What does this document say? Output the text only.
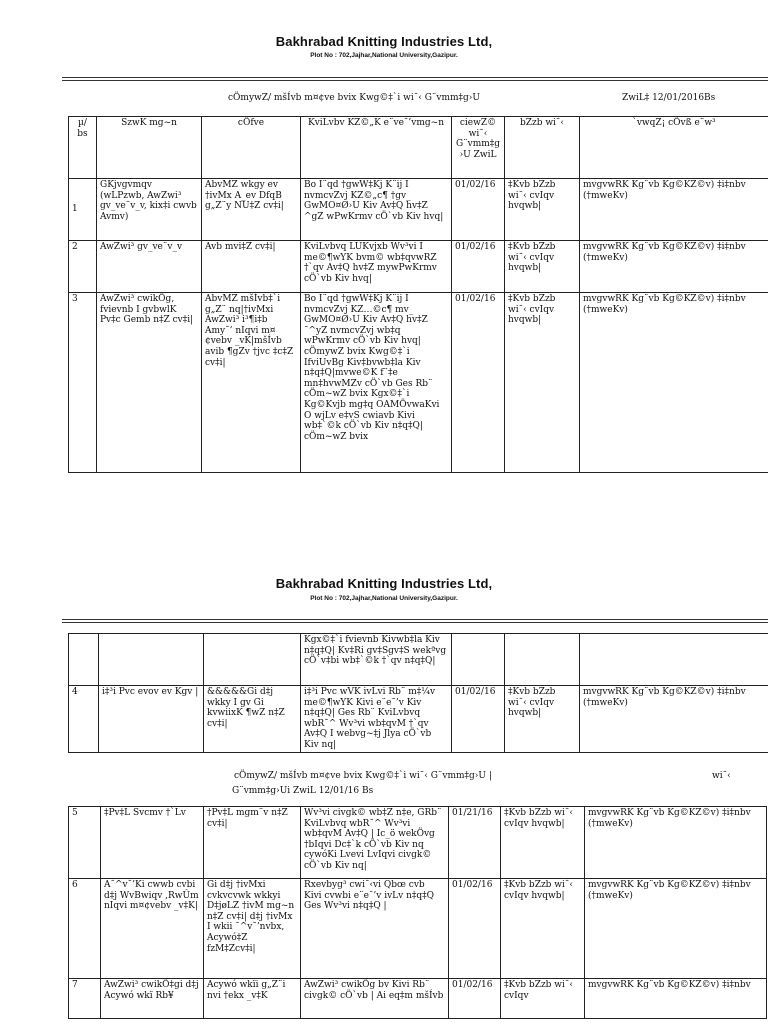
Bakhrabad Knitting Industries Ltd,
Plot No : 702,Jajhar,National University,Gazipur.
cÖmywZ/ mšÍvb m¤¢ve bvix Kwg©‡`i wi¯‹ G¨vmm‡g›U	ZwiL‡ 12/01/2016Bs
µ/ bs	SzwK mg~n	cÖfve	KviLvbv KZ©„K e¨ve¯’vmg~n	ciewZ© wi¯‹ G¨vmm‡g›U ZwiL	bZzb wi¯‹	`vwqZ¡ cÖvß e¨w³
1	GKjvgvmqv (wLPzwb, AwZwi³ gv_ve¨v_v, kix‡i cwvb Avmv)	AbvMZ wkgy ev †ivMx A_ev DfqB g„Z¨y NU‡Z cv‡i|	Bo I¨qd †gwW‡Kj K¨ij I nvmcvZvj KZ©„c¶ †gv_ GwMO¤Ø›U Kiv Av‡Q hv‡Z ^gZ wPwKrmv cÖ`vb Kiv hvq|	01/02/16	‡Kvb bZzb wi¯‹ cvIqv hvqwb|	mvgvwRK Kg¨vb Kg©KZ©v) ‡i‡nbv (†mweKv)
2	AwZwi³ gv_ve¨v_v	Avb mvi‡Z cv‡i|	KviLvbvq LUKvjxb Wv³vi I me©¶wYK bvm© wb‡qvwRZ †`qv Av‡Q hv‡Z mywPwKrmv cÖ`vb Kiv hvq|	01/02/16	‡Kvb bZzb wi¯‹ cvIqv hvqwb|	mvgvwRK Kg¨vb Kg©KZ©v) ‡i‡nbv (†mweKv)
3	AwZwi³ cwikÖg, fvievnb I gvbwlK Pv‡c Gemb n‡Z cv‡i|	AbvMZ mšÍvb‡`i g„Z¨ nq|†ivMxi AwZwi³ i³¶i‡b Amy¯’ nIqvi m¤¢vebv _vK|mšÍvb avib ¶gZv †jvc ‡c‡Z cv‡i|	Bo I¨qd †gwW‡Kj K¨ij I nvmcvZvj KZ…©c¶ mv_ GwMO¤Ø›U Kiv Av‡Q hv‡Z ¯^yZ nvmcvZvj wb‡q wPwKrmv cÖ`vb Kiv hvq| cÖmywZ bvix Kwg©‡`i IfviUvBg Kiv‡bvwb‡la Kiv n‡q‡Q|mvwe©K f¨‡e mn‡hvwMZv cÖ`vb Ges Rb¨ cÖm~wZ bvix Kgx©‡`i Kg©Kvjb mg‡q OAMÖvwaKvi O wjLv e‡vS cwiavb Kivi wb‡`©k cÖ`vb Kiv n‡q‡Q| cÖm~wZ bvix	01/02/16	‡Kvb bZzb wi¯‹ cvIqv hvqwb|	mvgvwRK Kg¨vb Kg©KZ©v) ‡i‡nbv (†mweKv)
Bakhrabad Knitting Industries Ltd,
Plot No : 702,Jajhar,National University,Gazipur.
			Kgx©‡`i fvievnb Kivwb‡la Kiv n‡q‡Q| Kv‡Ri gv‡Sgv‡S wekªvg cÖ`v‡bi wb‡`©k †`qv n‡q‡Q|			
4	i‡³i Pvc evov ev Kgv |	&&&&&Gi d‡j wkky I gv Gi kvwiixK ¶wZ n‡Z cv‡i|	i‡³i Pvc wVK ivLvi Rb¨ m‡¼v me©¶wYK Kivi e¨e¯’v Kiv n‡q‡Q| Ges Rb¨ KviLvbvq wbR¯^ Wv³vi wb‡qvM †`qv Av‡Q I webvg~‡j Jlya cÖ`vb Kiv nq|	01/02/16	‡Kvb bZzb wi¯‹ cvIqv hvqwb|	mvgvwRK Kg¨vb Kg©KZ©v) ‡i‡nbv (†mweKv)
cÖmywZ/ mšÍvb m¤¢ve bvix Kwg©‡`i wi¯‹ G¨vmm‡g›U |	wi¯‹
G¨vmm‡g›Ui ZwiL 12/01/16 Bs
5	‡Pv‡L Svcmv †`Lv	†Pv‡L mgm¨v n‡Z cv‡i|	Wv³vi civgk© wb‡Z n‡e, GRb¨ KviLvbvq wbR¯^ Wv³vi wb‡qvM Av‡Q | Ic_ö wekÖvg †bIqvi Dc‡`k cÖ`vb Kiv nq cywóKi Lvevi LvIqvi civgk© cÖ`vb Kiv nq|	01/21/16	‡Kvb bZzb wi¯‹ cvIqv hvqwb|	mvgvwRK Kg¨vb Kg©KZ©v) ‡i‡nbv (†mweKv)
6	A¯^v¯’Ki cwwb cvbi d‡j WvBwiqv ,RwÛm nIqvi m¤¢vebv _v‡K|	Gi d‡j †ivMxi cvkvcvwk wkkyi D‡jøLZ †ivM mg~n n‡Z cv‡i| d‡j †ivMx I wkii ¯^v¯’nvbx, Acywó‡Z fzM‡Zcv‡i|	Rxevbyg³ cwi¯‹vi Qbœ cvb Kivi cvwbi e¨e¯’v ivLv n‡q‡Q Ges Wv³vi n‡q‡Q |	01/02/16	‡Kvb bZzb wi¯‹ cvIqv hvqwb|	mvgvwRK Kg¨vb Kg©KZ©v) ‡i‡nbv (†mweKv)
7	AwZwi³ cwikÖ‡gi d‡j Acywó wkï Rb¥	Acywó wkïi g„Z¨i nvi †ekx _v‡K	AwZwi³ cwikÖg bv Kivi Rb¨ civgk© cÖ`vb | Ai eq‡m mšÍvb	01/02/16	‡Kvb bZzb wi¯‹ cvIqv	mvgvwRK Kg¨vb Kg©KZ©v) ‡i‡nbv
